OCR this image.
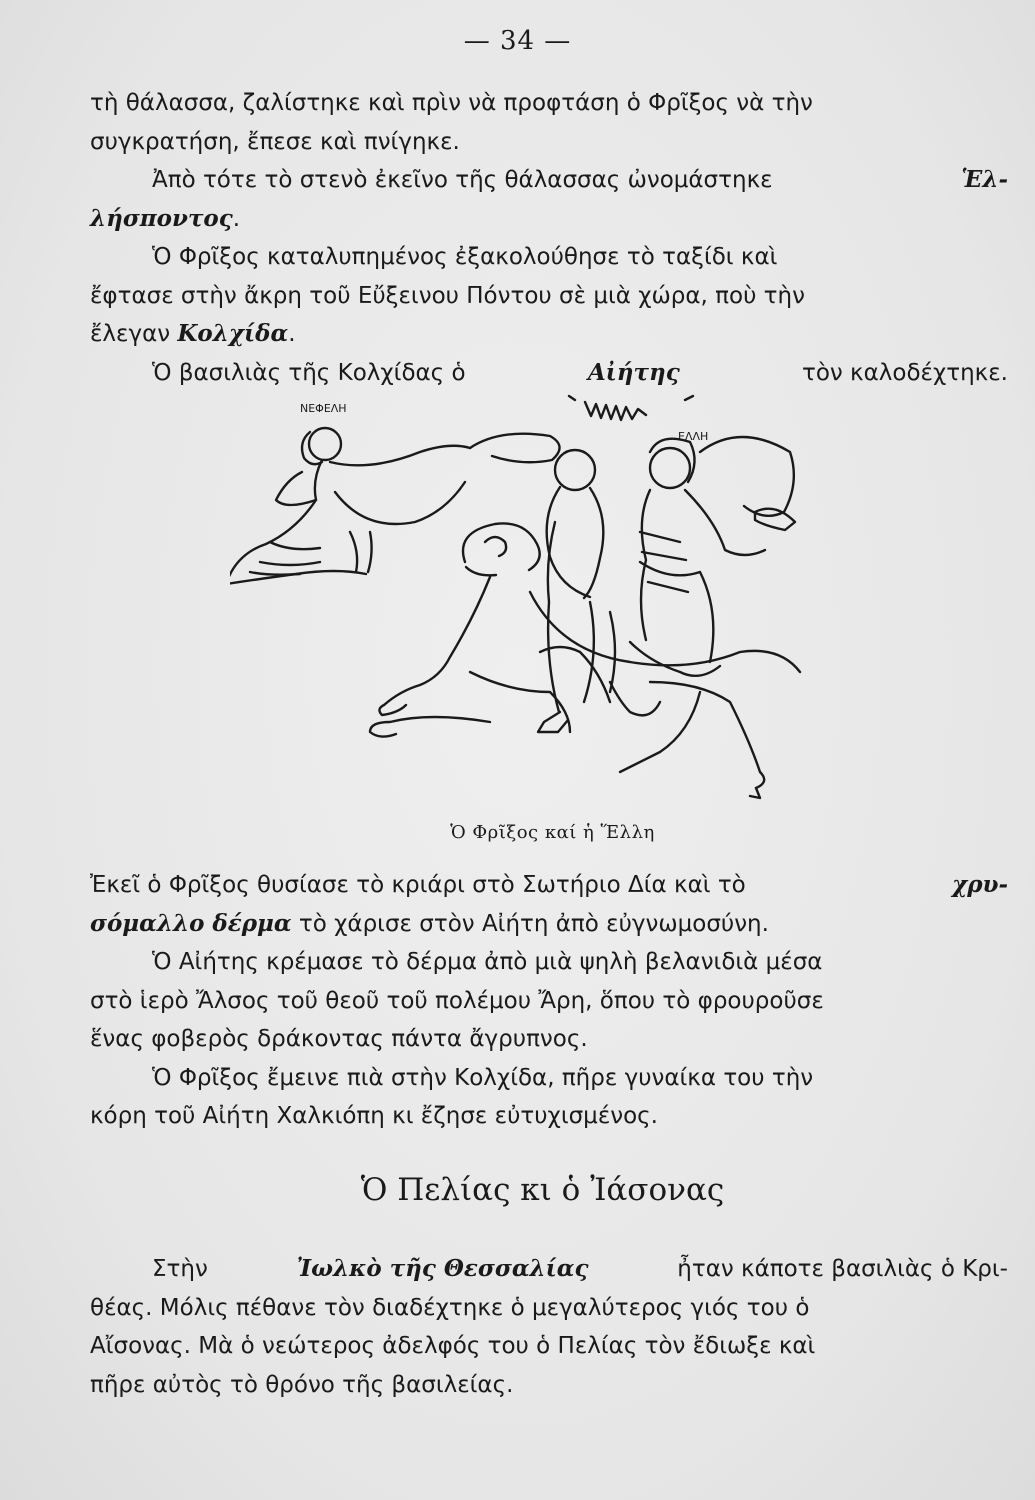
— 34 —
τὴ θάλασσα, ζαλίστηκε καὶ πρὶν νὰ προφτάση ὁ Φρῖξος νὰ τὴν
συγκρατήση, ἔπεσε καὶ πνίγηκε.
Ἀπὸ τότε τὸ στενὸ ἐκεῖνο τῆς θάλασσας ὠνομάστηκε	Ἑλ-
λήσποντος .
Ὁ Φρῖξος καταλυπημένος ἐξακολούθησε τὸ ταξίδι καὶ
ἔφτασε στὴν ἄκρη τοῦ Εὔξεινου Πόντου σὲ μιὰ χώρα, ποὺ τὴν
ἔλεγαν
Κολχίδα .
Ὁ βασιλιὰς τῆς Κολχίδας ὁ	Αἰήτης	τὸν καλοδέχτηκε.
ΝΕΦΕΛΗ
ΕΛΛΗ
Ὁ Φρῖξος καί ἡ Ἕλλη
Ἐκεῖ ὁ Φρῖξος θυσίασε τὸ κριάρι στὸ Σωτήριο Δία καὶ τὸ	χρυ-
σόμαλλο δέρμα
τὸ χάρισε στὸν Αἰήτη ἀπὸ εὐγνωμοσύνη.
Ὁ Αἰήτης κρέμασε τὸ δέρμα ἀπὸ μιὰ ψηλὴ βελανιδιὰ μέσα
στὸ ἱερὸ Ἄλσος τοῦ θεοῦ τοῦ πολέμου Ἄρη, ὅπου τὸ φρουροῦσε
ἕνας φοβερὸς δράκοντας πάντα ἄγρυπνος.
Ὁ Φρῖξος ἔμεινε πιὰ στὴν Κολχίδα, πῆρε γυναίκα του τὴν
κόρη τοῦ Αἰήτη Χαλκιόπη κι ἔζησε εὐτυχισμένος.
Ὁ Πελίας κι ὁ Ἰάσονας
Στὴν	Ἰωλκὸ τῆς Θεσσαλίας	ἦταν κάποτε βασιλιὰς ὁ Κρι-
θέας. Μόλις πέθανε τὸν διαδέχτηκε ὁ μεγαλύτερος γιός του ὁ
Αἴσονας. Μὰ ὁ νεώτερος ἀδελφός του ὁ Πελίας τὸν ἔδιωξε καὶ
πῆρε αὐτὸς τὸ θρόνο τῆς βασιλείας.
